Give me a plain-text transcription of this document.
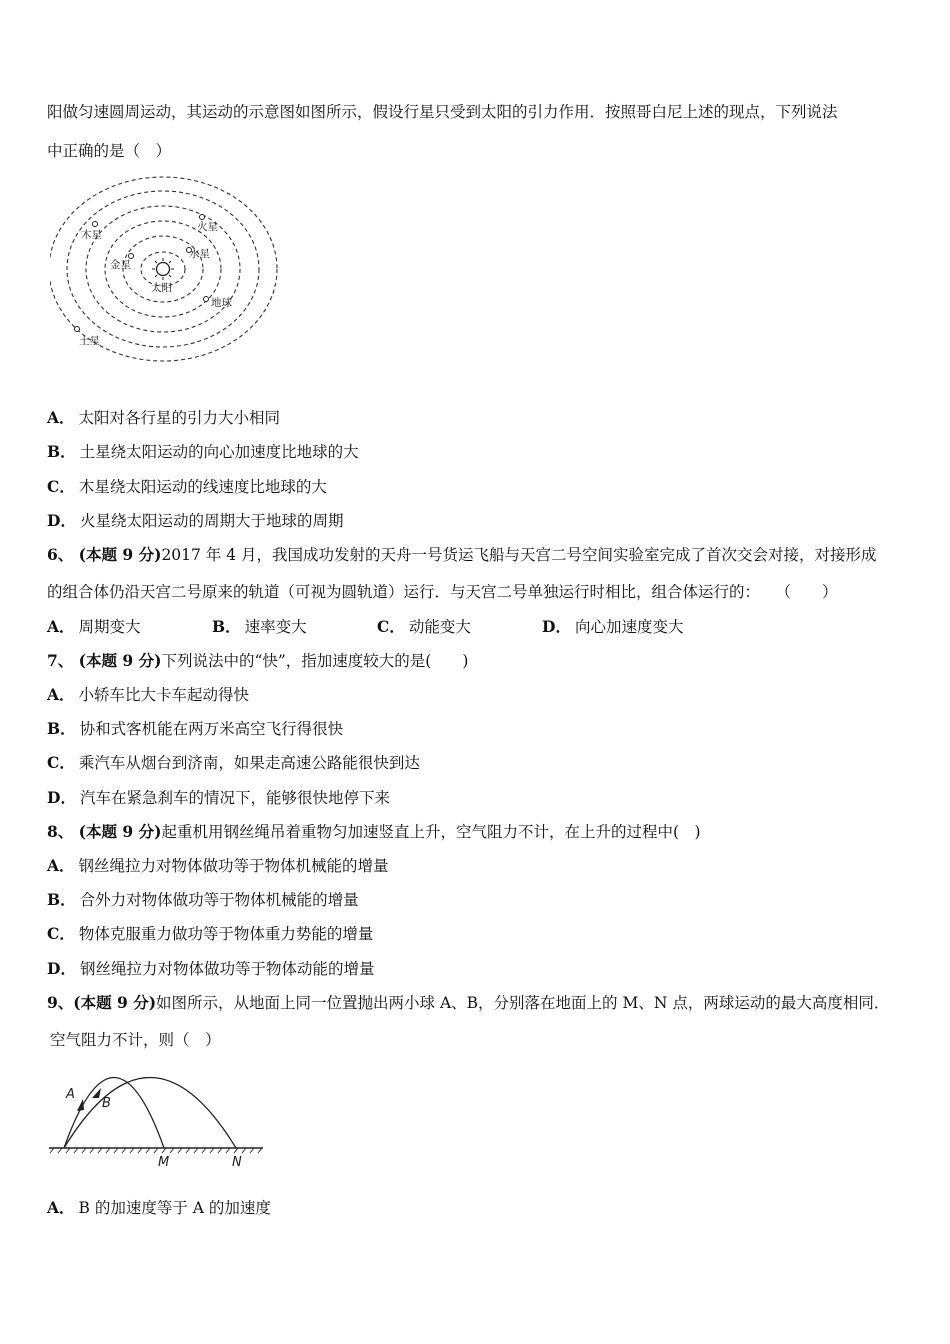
阳做匀速圆周运动，其运动的示意图如图所示，假设行星只受到太阳的引力作用．按照哥白尼上述的现点，下列说法
中正确的是（　）
太阳
水星
金星
地球
火星
木星
土星
A． 太阳对各行星的引力大小相同
B． 土星绕太阳运动的向心加速度比地球的大
C． 木星绕太阳运动的线速度比地球的大
D． 火星绕太阳运动的周期大于地球的周期
6、 (本题 9 分)2017 年 4 月，我国成功发射的天舟一号货运飞船与天宫二号空间实验室完成了首次交会对接，对接形成
的组合体仍沿天宫二号原来的轨道（可视为圆轨道）运行．与天宫二号单独运行时相比，组合体运行的：　　（　　）
A． 周期变大	B． 速率变大	C． 动能变大	D． 向心加速度变大
7、 (本题 9 分)下列说法中的“快”，指加速度较大的是(　　)
A． 小轿车比大卡车起动得快
B． 协和式客机能在两万米高空飞行得很快
C． 乘汽车从烟台到济南，如果走高速公路能很快到达
D． 汽车在紧急刹车的情况下，能够很快地停下来
8、 (本题 9 分)起重机用钢丝绳吊着重物匀加速竖直上升，空气阻力不计，在上升的过程中(　)
A． 钢丝绳拉力对物体做功等于物体机械能的增量
B． 合外力对物体做功等于物体机械能的增量
C． 物体克服重力做功等于物体重力势能的增量
D． 钢丝绳拉力对物体做功等于物体动能的增量
9、(本题 9 分)如图所示，从地面上同一位置抛出两小球 A、B，分别落在地面上的 M、N 点，两球运动的最大高度相同．
空气阻力不计，则（　）
A
B
M	N
A． B 的加速度等于 A 的加速度
